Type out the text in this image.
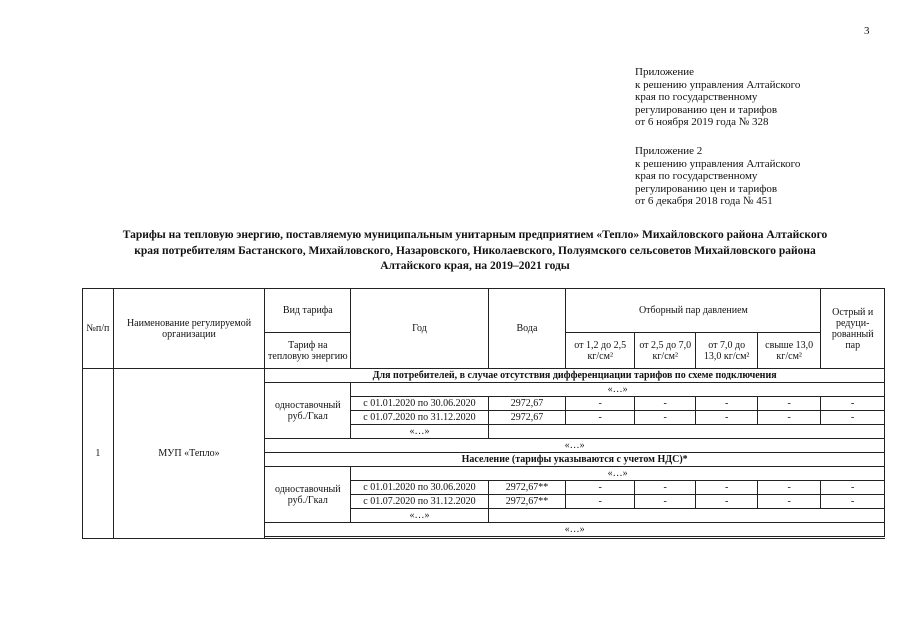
3
Приложение
к решению управления Алтайского
края по государственному
регулированию цен и тарифов
от 6 ноября 2019 года № 328
Приложение 2
к решению управления Алтайского
края по государственному
регулированию цен и тарифов
от 6 декабря 2018 года № 451
Тарифы на тепловую энергию, поставляемую муниципальным унитарным предприятием «Тепло» Михайловского района Алтайского
края потребителям Бастанского, Михайловского, Назаровского, Николаевского, Полуямского сельсоветов Михайловского района
Алтайского края, на 2019–2021 годы
№п/п	Наименование регулируемой организации	Вид тарифа	Год	Вода	Отборный пар давлением				Острый и редуци-рованный пар
		Тариф на тепловую энергию			от 1,2 до 2,5 кг/см²	от 2,5 до 7,0 кг/см²	от 7,0 до 13,0 кг/см²	свыше 13,0 кг/см²	
1	МУП «Тепло»	Для потребителей, в случае отсутствия дифференциации тарифов по схеме подключения							
		одноставочный руб./Гкал	«…»						
			с 01.01.2020 по 30.06.2020	2972,67	-	-	-	-	-
			с 01.07.2020 по 31.12.2020	2972,67	-	-	-	-	-
			«…»						
		«…»							
		Население (тарифы указываются с учетом НДС)*							
		одноставочный руб./Гкал	«…»						
			с 01.01.2020 по 30.06.2020	2972,67**	-	-	-	-	-
			с 01.07.2020 по 31.12.2020	2972,67**	-	-	-	-	-
			«…»						
		«…»							
